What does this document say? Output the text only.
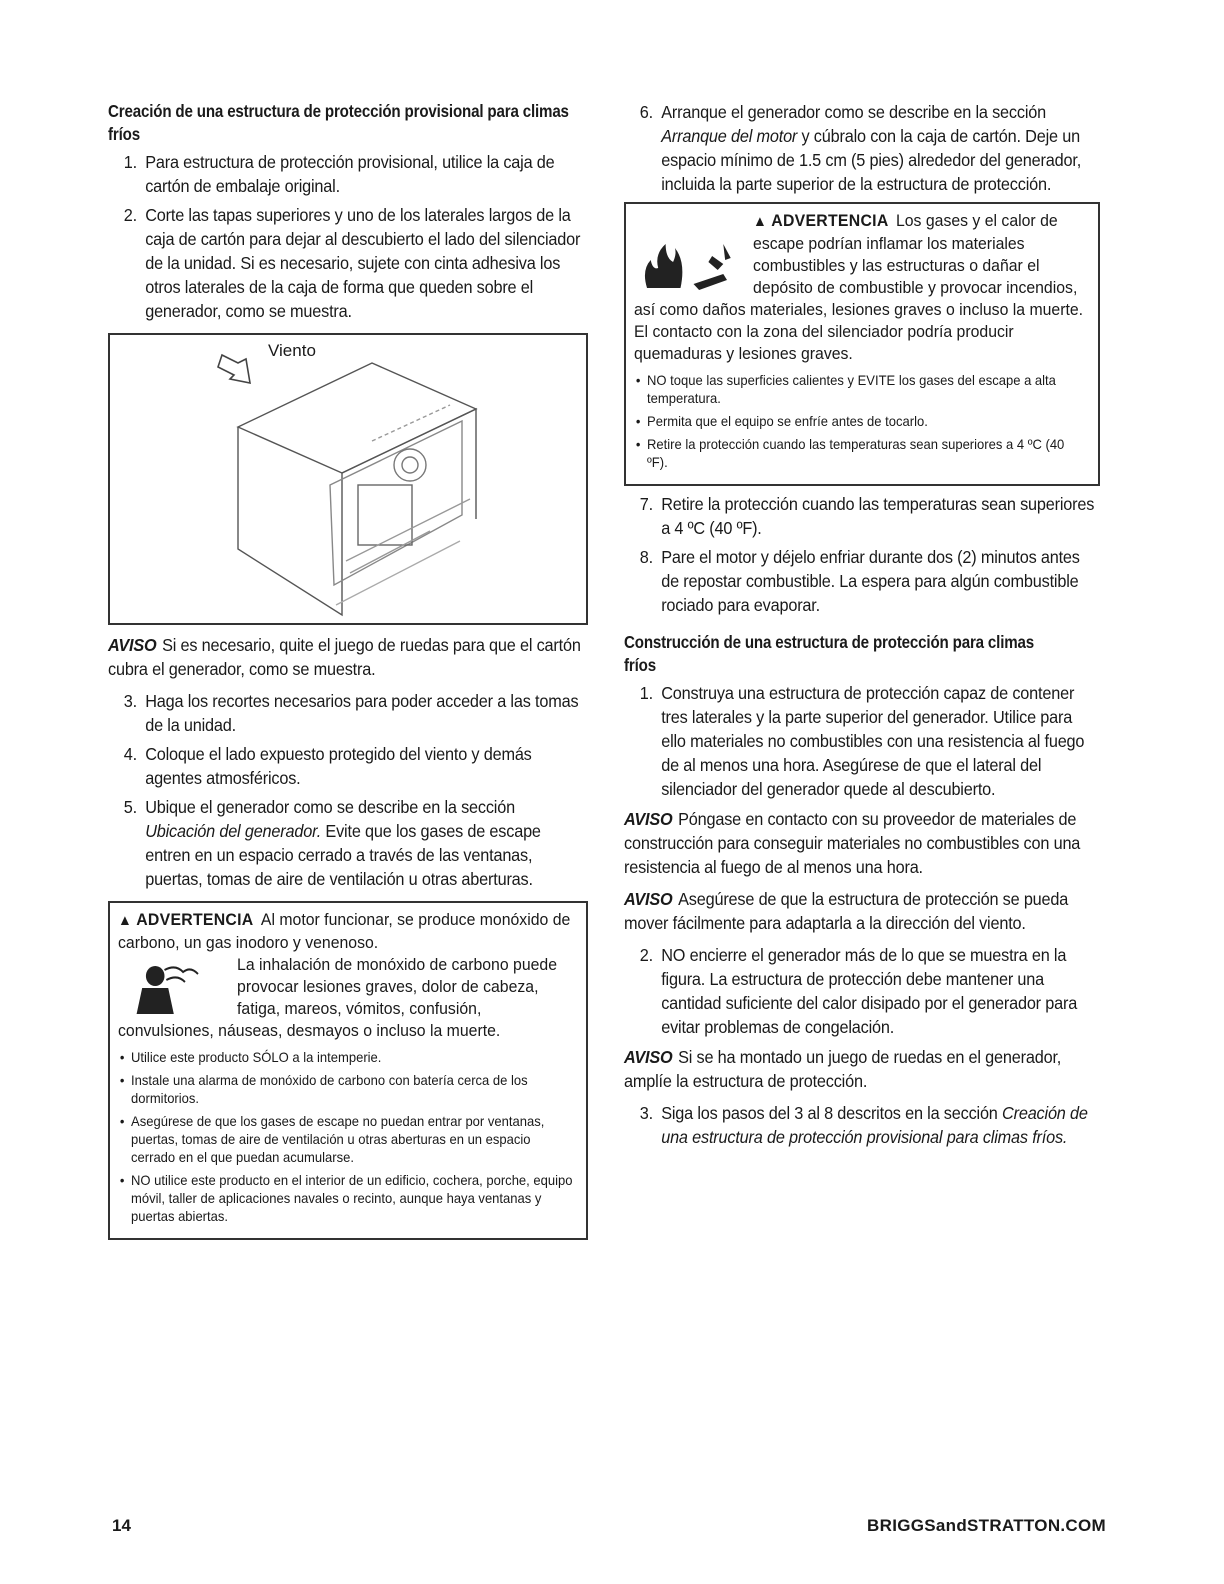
Creación de una estructura de protección provisional para climas fríos
1. Para estructura de protección provisional, utilice la caja de cartón de embalaje original.
2. Corte las tapas superiores y uno de los laterales largos de la caja de cartón para dejar al descubierto el lado del silenciador de la unidad. Si es necesario, sujete con cinta adhesiva los otros laterales de la caja de forma que queden sobre el generador, como se muestra.
Viento

AVISO Si es necesario, quite el juego de ruedas para que el cartón cubra el generador, como se muestra.

3. Haga los recortes necesarios para poder acceder a las tomas de la unidad.
4. Coloque el lado expuesto protegido del viento y demás agentes atmosféricos.
5. Ubique el generador como se describe en la sección Ubicación del generador. Evite que los gases de escape entren en un espacio cerrado a través de las ventanas, puertas, tomas de aire de ventilación u otras aberturas.
▲ ADVERTENCIA Al motor funcionar, se produce monóxido de carbono, un gas inodoro y venenoso.
La inhalación de monóxido de carbono puede provocar lesiones graves, dolor de cabeza, fatiga, mareos, vómitos, confusión, convulsiones, náuseas, desmayos o incluso la muerte.
• Utilice este producto SÓLO a la intemperie.
• Instale una alarma de monóxido de carbono con batería cerca de los dormitorios.
• Asegúrese de que los gases de escape no puedan entrar por ventanas, puertas, tomas de aire de ventilación u otras aberturas en un espacio cerrado en el que puedan acumularse.
• NO utilice este producto en el interior de un edificio, cochera, porche, equipo móvil, taller de aplicaciones navales o recinto, aunque haya ventanas y puertas abiertas.
6. Arranque el generador como se describe en la sección Arranque del motor y cúbralo con la caja de cartón. Deje un espacio mínimo de 1.5 cm (5 pies) alrededor del generador, incluida la parte superior de la estructura de protección.
▲ ADVERTENCIA Los gases y el calor de escape podrían inflamar los materiales combustibles y las estructuras o dañar el depósito de combustible y provocar incendios, así como daños materiales, lesiones graves o incluso la muerte.
El contacto con la zona del silenciador podría producir quemaduras y lesiones graves.
• NO toque las superficies calientes y EVITE los gases del escape a alta temperatura.
• Permita que el equipo se enfríe antes de tocarlo.
• Retire la protección cuando las temperaturas sean superiores a 4 ºC (40 ºF).
7. Retire la protección cuando las temperaturas sean superiores a 4 ºC (40 ºF).
8. Pare el motor y déjelo enfriar durante dos (2) minutos antes de repostar combustible. La espera para algún combustible rociado para evaporar.
Construcción de una estructura de protección para climas fríos
1. Construya una estructura de protección capaz de contener tres laterales y la parte superior del generador. Utilice para ello materiales no combustibles con una resistencia al fuego de al menos una hora. Asegúrese de que el lateral del silenciador del generador quede al descubierto.

AVISO Póngase en contacto con su proveedor de materiales de construcción para conseguir materiales no combustibles con una resistencia al fuego de al menos una hora.

AVISO Asegúrese de que la estructura de protección se pueda mover fácilmente para adaptarla a la dirección del viento.

2. NO encierre el generador más de lo que se muestra en la figura. La estructura de protección debe mantener una cantidad suficiente del calor disipado por el generador para evitar problemas de congelación.

AVISO Si se ha montado un juego de ruedas en el generador, amplíe la estructura de protección.

3. Siga los pasos del 3 al 8 descritos en la sección Creación de una estructura de protección provisional para climas fríos.
14	BRIGGSandSTRATTON.COM
